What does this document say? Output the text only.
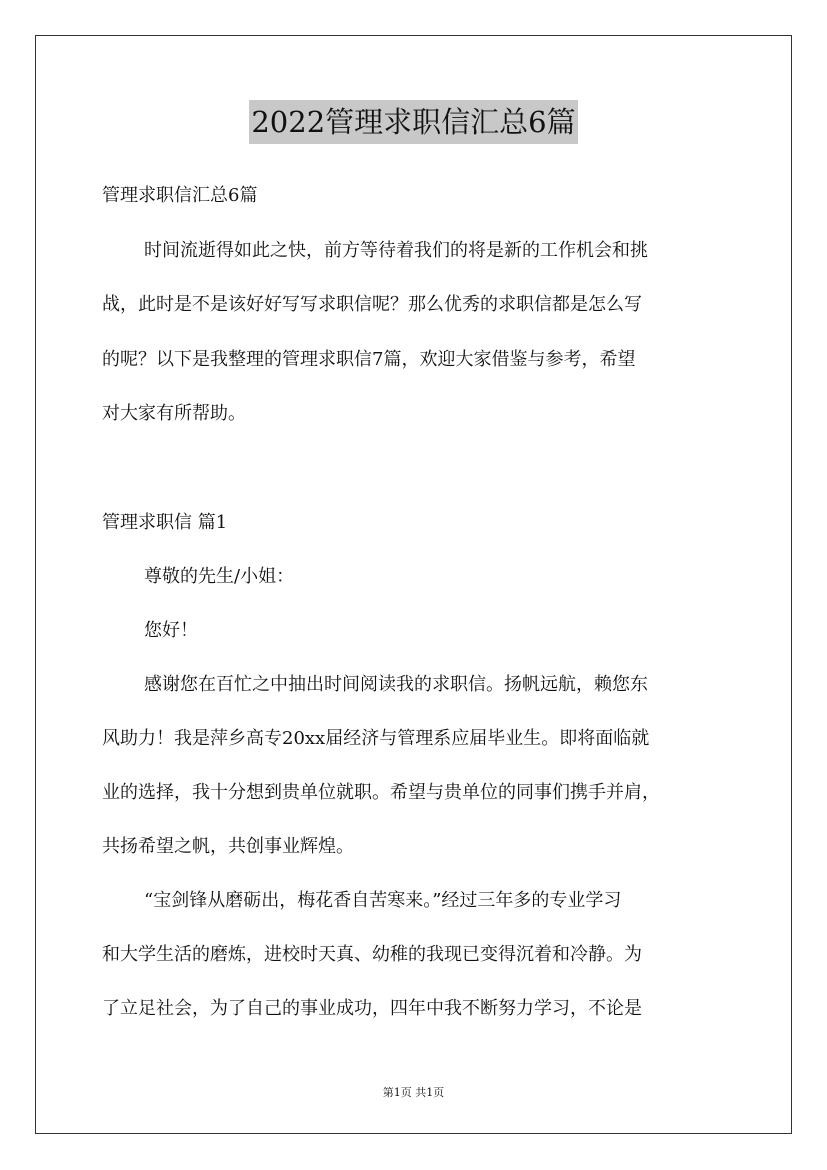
2022管理求职信汇总6篇
管理求职信汇总6篇
时间流逝得如此之快，前方等待着我们的将是新的工作机会和挑
战，此时是不是该好好写写求职信呢？那么优秀的求职信都是怎么写
的呢？以下是我整理的管理求职信7篇，欢迎大家借鉴与参考，希望
对大家有所帮助。
管理求职信 篇1
尊敬的先生/小姐：
您好！
感谢您在百忙之中抽出时间阅读我的求职信。扬帆远航，赖您东
风助力！我是萍乡高专20xx届经济与管理系应届毕业生。即将面临就
业的选择，我十分想到贵单位就职。希望与贵单位的同事们携手并肩，
共扬希望之帆，共创事业辉煌。
“宝剑锋从磨砺出，梅花香自苦寒来。”经过三年多的专业学习
和大学生活的磨炼，进校时天真、幼稚的我现已变得沉着和冷静。为
了立足社会，为了自己的事业成功，四年中我不断努力学习，不论是
第1页 共1页
